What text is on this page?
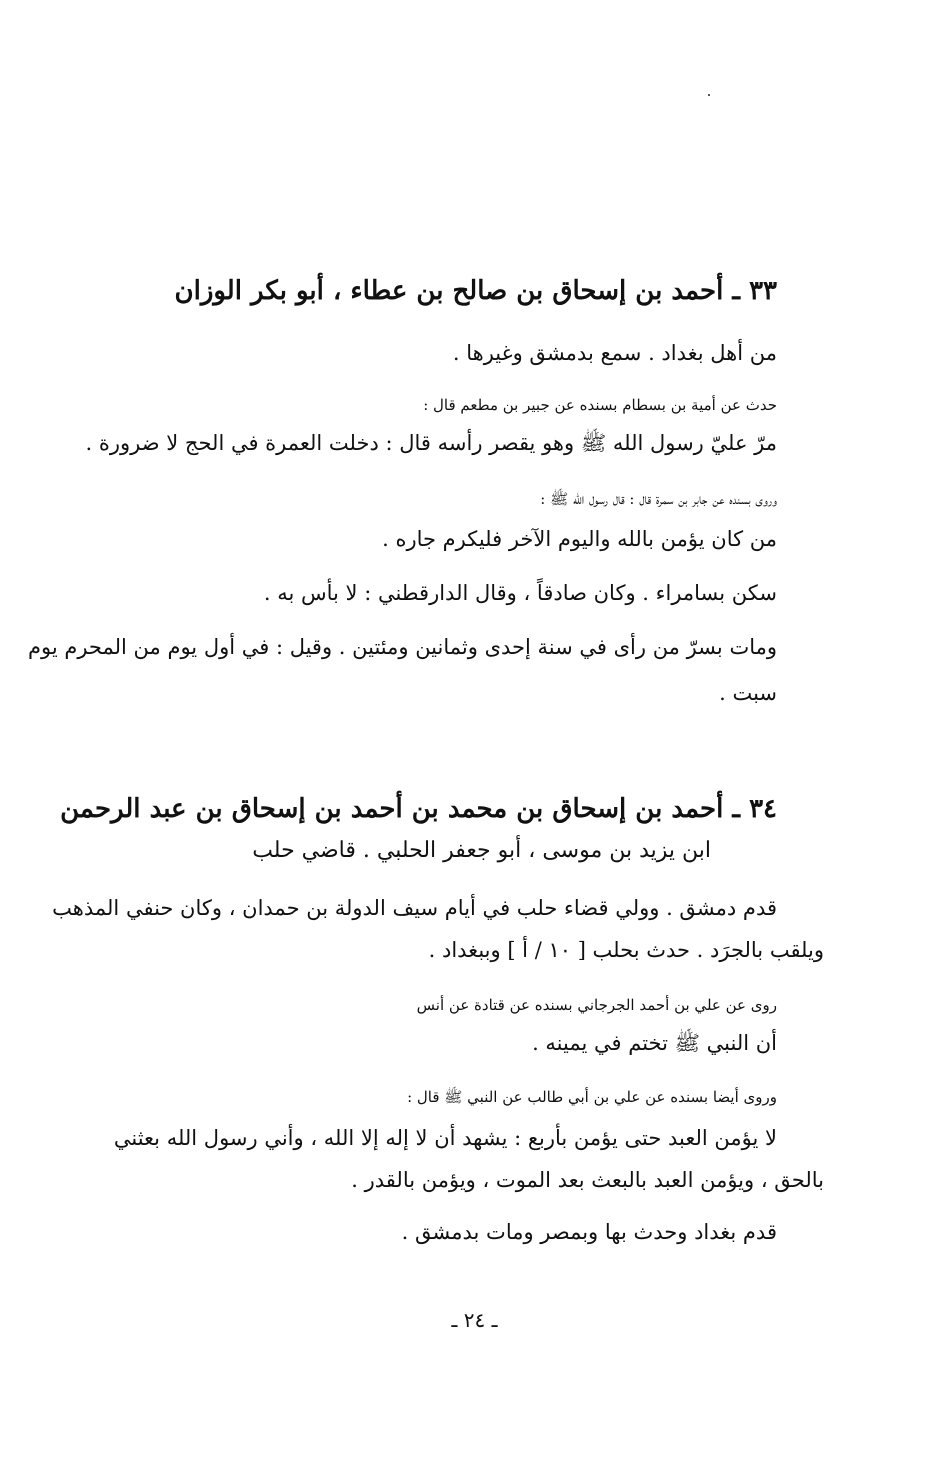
٣٣ ـ أحمد بن إسحاق بن صالح بن عطاء ، أبو بكر الوزان
من أهل بغداد . سمع بدمشق وغيرها .
حدث عن أمية بن بسطام بسنده عن جبير بن مطعم قال :
مرّ عليّ رسول الله ﷺ وهو يقصر رأسه قال : دخلت العمرة في الحج لا ضرورة .
وروى بسنده عن جابر بن سمرة قال : قال رسول الله ﷺ :
من كان يؤمن بالله واليوم الآخر فليكرم جاره .
سكن بسامراء . وكان صادقاً ، وقال الدارقطني : لا بأس به .
ومات بسرّ من رأى في سنة إحدى وثمانين ومئتين . وقيل : في أول يوم من المحرم يوم
سبت .
٣٤ ـ أحمد بن إسحاق بن محمد بن أحمد بن إسحاق بن عبد الرحمن
ابن يزيد بن موسى ، أبو جعفر الحلبي . قاضي حلب
قدم دمشق . وولي قضاء حلب في أيام سيف الدولة بن حمدان ، وكان حنفي المذهب
ويلقب بالجرَد . حدث بحلب [ ١٠ / أ ] وببغداد .
روى عن علي بن أحمد الجرجاني بسنده عن قتادة عن أنس
أن النبي ﷺ تختم في يمينه .
وروى أيضا بسنده عن علي بن أبي طالب عن النبي ﷺ قال :
لا يؤمن العبد حتى يؤمن بأربع : يشهد أن لا إله إلا الله ، وأني رسول الله بعثني
بالحق ، ويؤمن العبد بالبعث بعد الموت ، ويؤمن بالقدر .
قدم بغداد وحدث بها وبمصر ومات بدمشق .
ـ ٢٤ ـ
